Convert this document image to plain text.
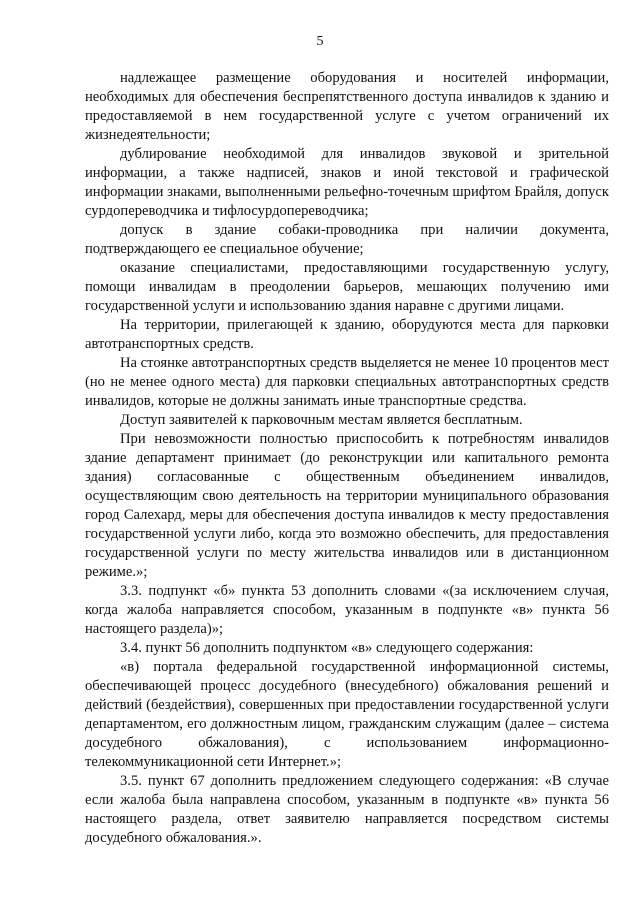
5

надлежащее размещение оборудования и носителей информации, необходимых для обеспечения беспрепятственного доступа инвалидов к зданию и предоставляемой в нем государственной услуге с учетом ограничений их жизнедеятельности;

дублирование необходимой для инвалидов звуковой и зрительной информации, а также надписей, знаков и иной текстовой и графической информации знаками, выполненными рельефно-точечным шрифтом Брайля, допуск сурдопереводчика и тифлосурдопереводчика;

допуск в здание собаки-проводника при наличии документа, подтверждающего ее специальное обучение;

оказание специалистами, предоставляющими государственную услугу, помощи инвалидам в преодолении барьеров, мешающих получению ими государственной услуги и использованию здания наравне с другими лицами.

На территории, прилегающей к зданию, оборудуются места для парковки автотранспортных средств.

На стоянке автотранспортных средств выделяется не менее 10 процентов мест (но не менее одного места) для парковки специальных автотранспортных средств инвалидов, которые не должны занимать иные транспортные средства.

Доступ заявителей к парковочным местам является бесплатным.

При невозможности полностью приспособить к потребностям инвалидов здание департамент принимает (до реконструкции или капитального ремонта здания) согласованные с общественным объединением инвалидов, осуществляющим свою деятельность на территории муниципального образования город Салехард, меры для обеспечения доступа инвалидов к месту предоставления государственной услуги либо, когда это возможно обеспечить, для предоставления государственной услуги по месту жительства инвалидов или в дистанционном режиме.»;

3.3. подпункт «б» пункта 53 дополнить словами «(за исключением случая, когда жалоба направляется способом, указанным в подпункте «в» пункта 56 настоящего раздела)»;

3.4. пункт 56 дополнить подпунктом «в» следующего содержания:

«в) портала федеральной государственной информационной системы, обеспечивающей процесс досудебного (внесудебного) обжалования решений и действий (бездействия), совершенных при предоставлении государственной услуги департаментом, его должностным лицом, гражданским служащим (далее – система досудебного обжалования), с использованием информационно-телекоммуникационной сети Интернет.»;

3.5. пункт 67 дополнить предложением следующего содержания: «В случае если жалоба была направлена способом, указанным в подпункте «в» пункта 56 настоящего раздела, ответ заявителю направляется посредством системы досудебного обжалования.».
